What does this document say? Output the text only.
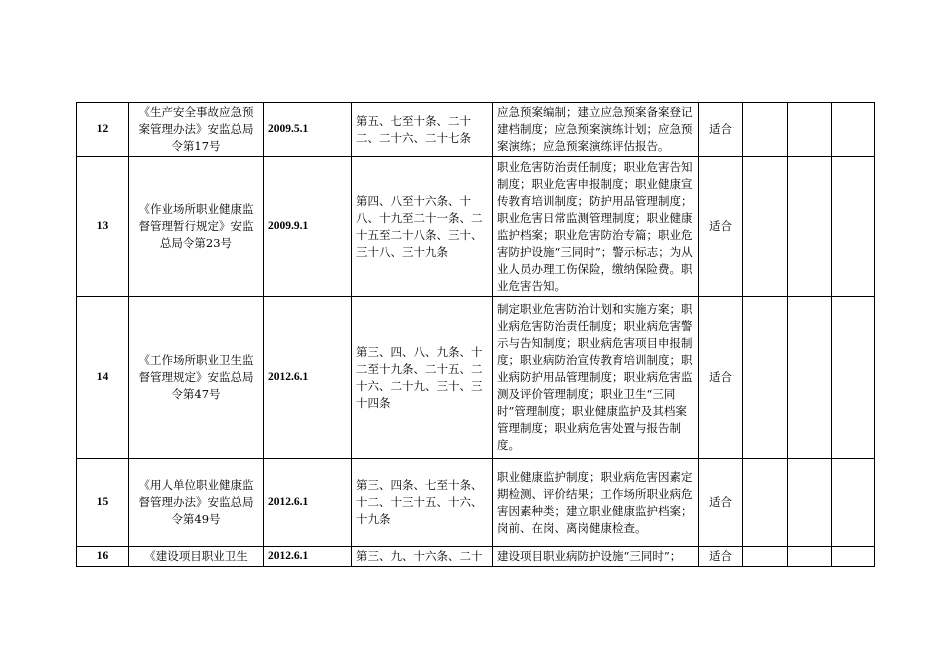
12	《生产安全事故应急预案管理办法》安监总局令第17号	2009.5.1	第五、七至十条、二十二、二十六、二十七条	应急预案编制；建立应急预案备案登记建档制度；应急预案演练计划；应急预案演练；应急预案演练评估报告。	适合			
13	《作业场所职业健康监督管理暂行规定》安监总局令第23号	2009.9.1	第四、八至十六条、十八、十九至二十一条、二十五至二十八条、三十、三十八、三十九条	职业危害防治责任制度；职业危害告知制度；职业危害申报制度；职业健康宣传教育培训制度；防护用品管理制度；职业危害日常监测管理制度；职业健康监护档案；职业危害防治专篇；职业危害防护设施“三同时”；警示标志；为从业人员办理工伤保险，缴纳保险费。职业危害告知。	适合			
14	《工作场所职业卫生监督管理规定》安监总局令第47号	2012.6.1	第三、四、八、九条、十二至十九条、二十五、二十六、二十九、三十、三十四条	制定职业危害防治计划和实施方案；职业病危害防治责任制度；职业病危害警示与告知制度；职业病危害项目申报制度；职业病防治宣传教育培训制度；职业病防护用品管理制度；职业病危害监测及评价管理制度；职业卫生“三同时”管理制度；职业健康监护及其档案管理制度；职业病危害处置与报告制度。	适合			
15	《用人单位职业健康监督管理办法》安监总局令第49号	2012.6.1	第三、四条、七至十条、十二、十三十五、十六、十九条	职业健康监护制度；职业病危害因素定期检测、评价结果；工作场所职业病危害因素种类；建立职业健康监护档案；岗前、在岗、离岗健康检查。	适合			
16	《建设项目职业卫生	2012.6.1	第三、九、十六条、二十	建设项目职业病防护设施“三同时”；	适合			
